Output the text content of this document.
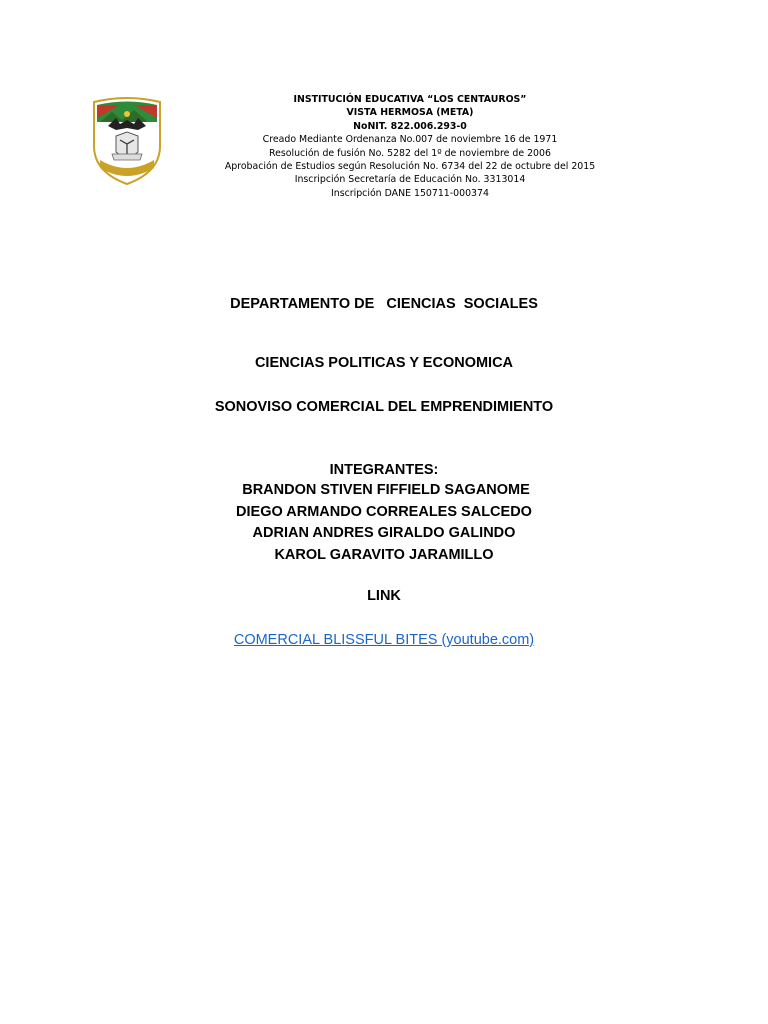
INSTITUCIÓN EDUCATIVA “LOS CENTAUROS”
VISTA HERMOSA (META)
NoNIT. 822.006.293-0
Creado Mediante Ordenanza No.007 de noviembre 16 de 1971
Resolución de fusión No. 5282 del 1º de noviembre de 2006
Aprobación de Estudios según Resolución No. 6734 del 22 de octubre del 2015
Inscripción Secretaría de Educación No. 3313014
Inscripción DANE 150711-000374
DEPARTAMENTO DE   CIENCIAS  SOCIALES
CIENCIAS POLITICAS Y ECONOMICA
SONOVISO COMERCIAL DEL EMPRENDIMIENTO
INTEGRANTES:
BRANDON STIVEN FIFFIELD SAGANOME
DIEGO ARMANDO CORREALES SALCEDO
ADRIAN ANDRES GIRALDO GALINDO
KAROL GARAVITO JARAMILLO
LINK
COMERCIAL BLISSFUL BITES (youtube.com)
